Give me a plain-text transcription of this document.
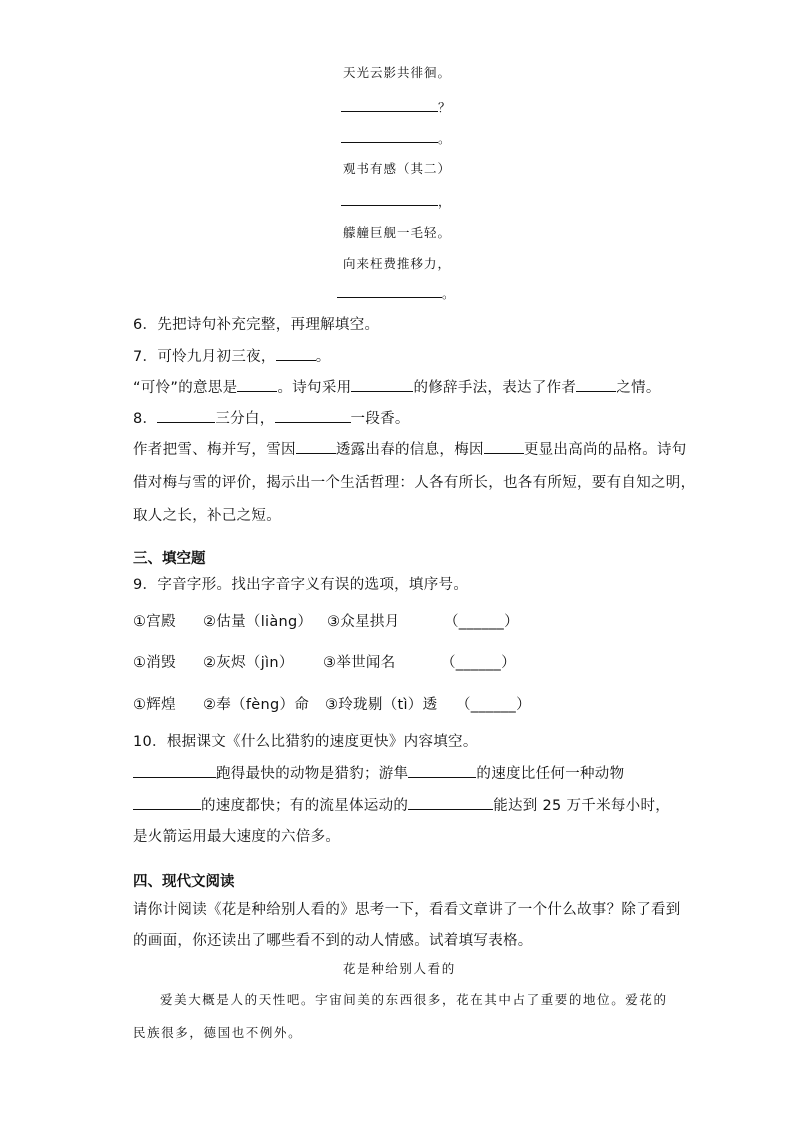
天光云影共徘徊。
？
。
观书有感（其二）
，
艨艟巨舰一毛轻。
向来枉费推移力，
。
6．先把诗句补充完整，再理解填空。
7．可怜九月初三夜，	。
“可怜”的意思是	。诗句采用	的修辞手法，表达了作者	之情。
8．	三分白，	一段香。
作者把雪、梅并写，雪因	透露出春的信息，梅因	更显出高尚的品格。诗句
借对梅与雪的评价，揭示出一个生活哲理：人各有所长，也各有所短，要有自知之明，
取人之长，补己之短。
三、填空题
9．字音字形。找出字音字义有误的选项，填序号。
①宫殿 ②估量（liàng） ③众星拱月	（______）
①消毁 ②灰烬（jìn） ③举世闻名	（______）
①辉煌 ②奉（fèng）命 ③玲珑剔（tì）透 （______）
10．根据课文《什么比猎豹的速度更快》内容填空。
跑得最快的动物是猎豹；游隼	的速度比任何一种动物
的速度都快；有的流星体运动的	能达到 25 万千米每小时，
是火箭运用最大速度的六倍多。
四、现代文阅读
请你计阅读《花是种给别人看的》思考一下，看看文章讲了一个什么故事？除了看到
的画面，你还读出了哪些看不到的动人情感。试着填写表格。
花是种给别人看的
爱美大概是人的天性吧。宇宙间美的东西很多，花在其中占了重要的地位。爱花的
民族很多，德国也不例外。
